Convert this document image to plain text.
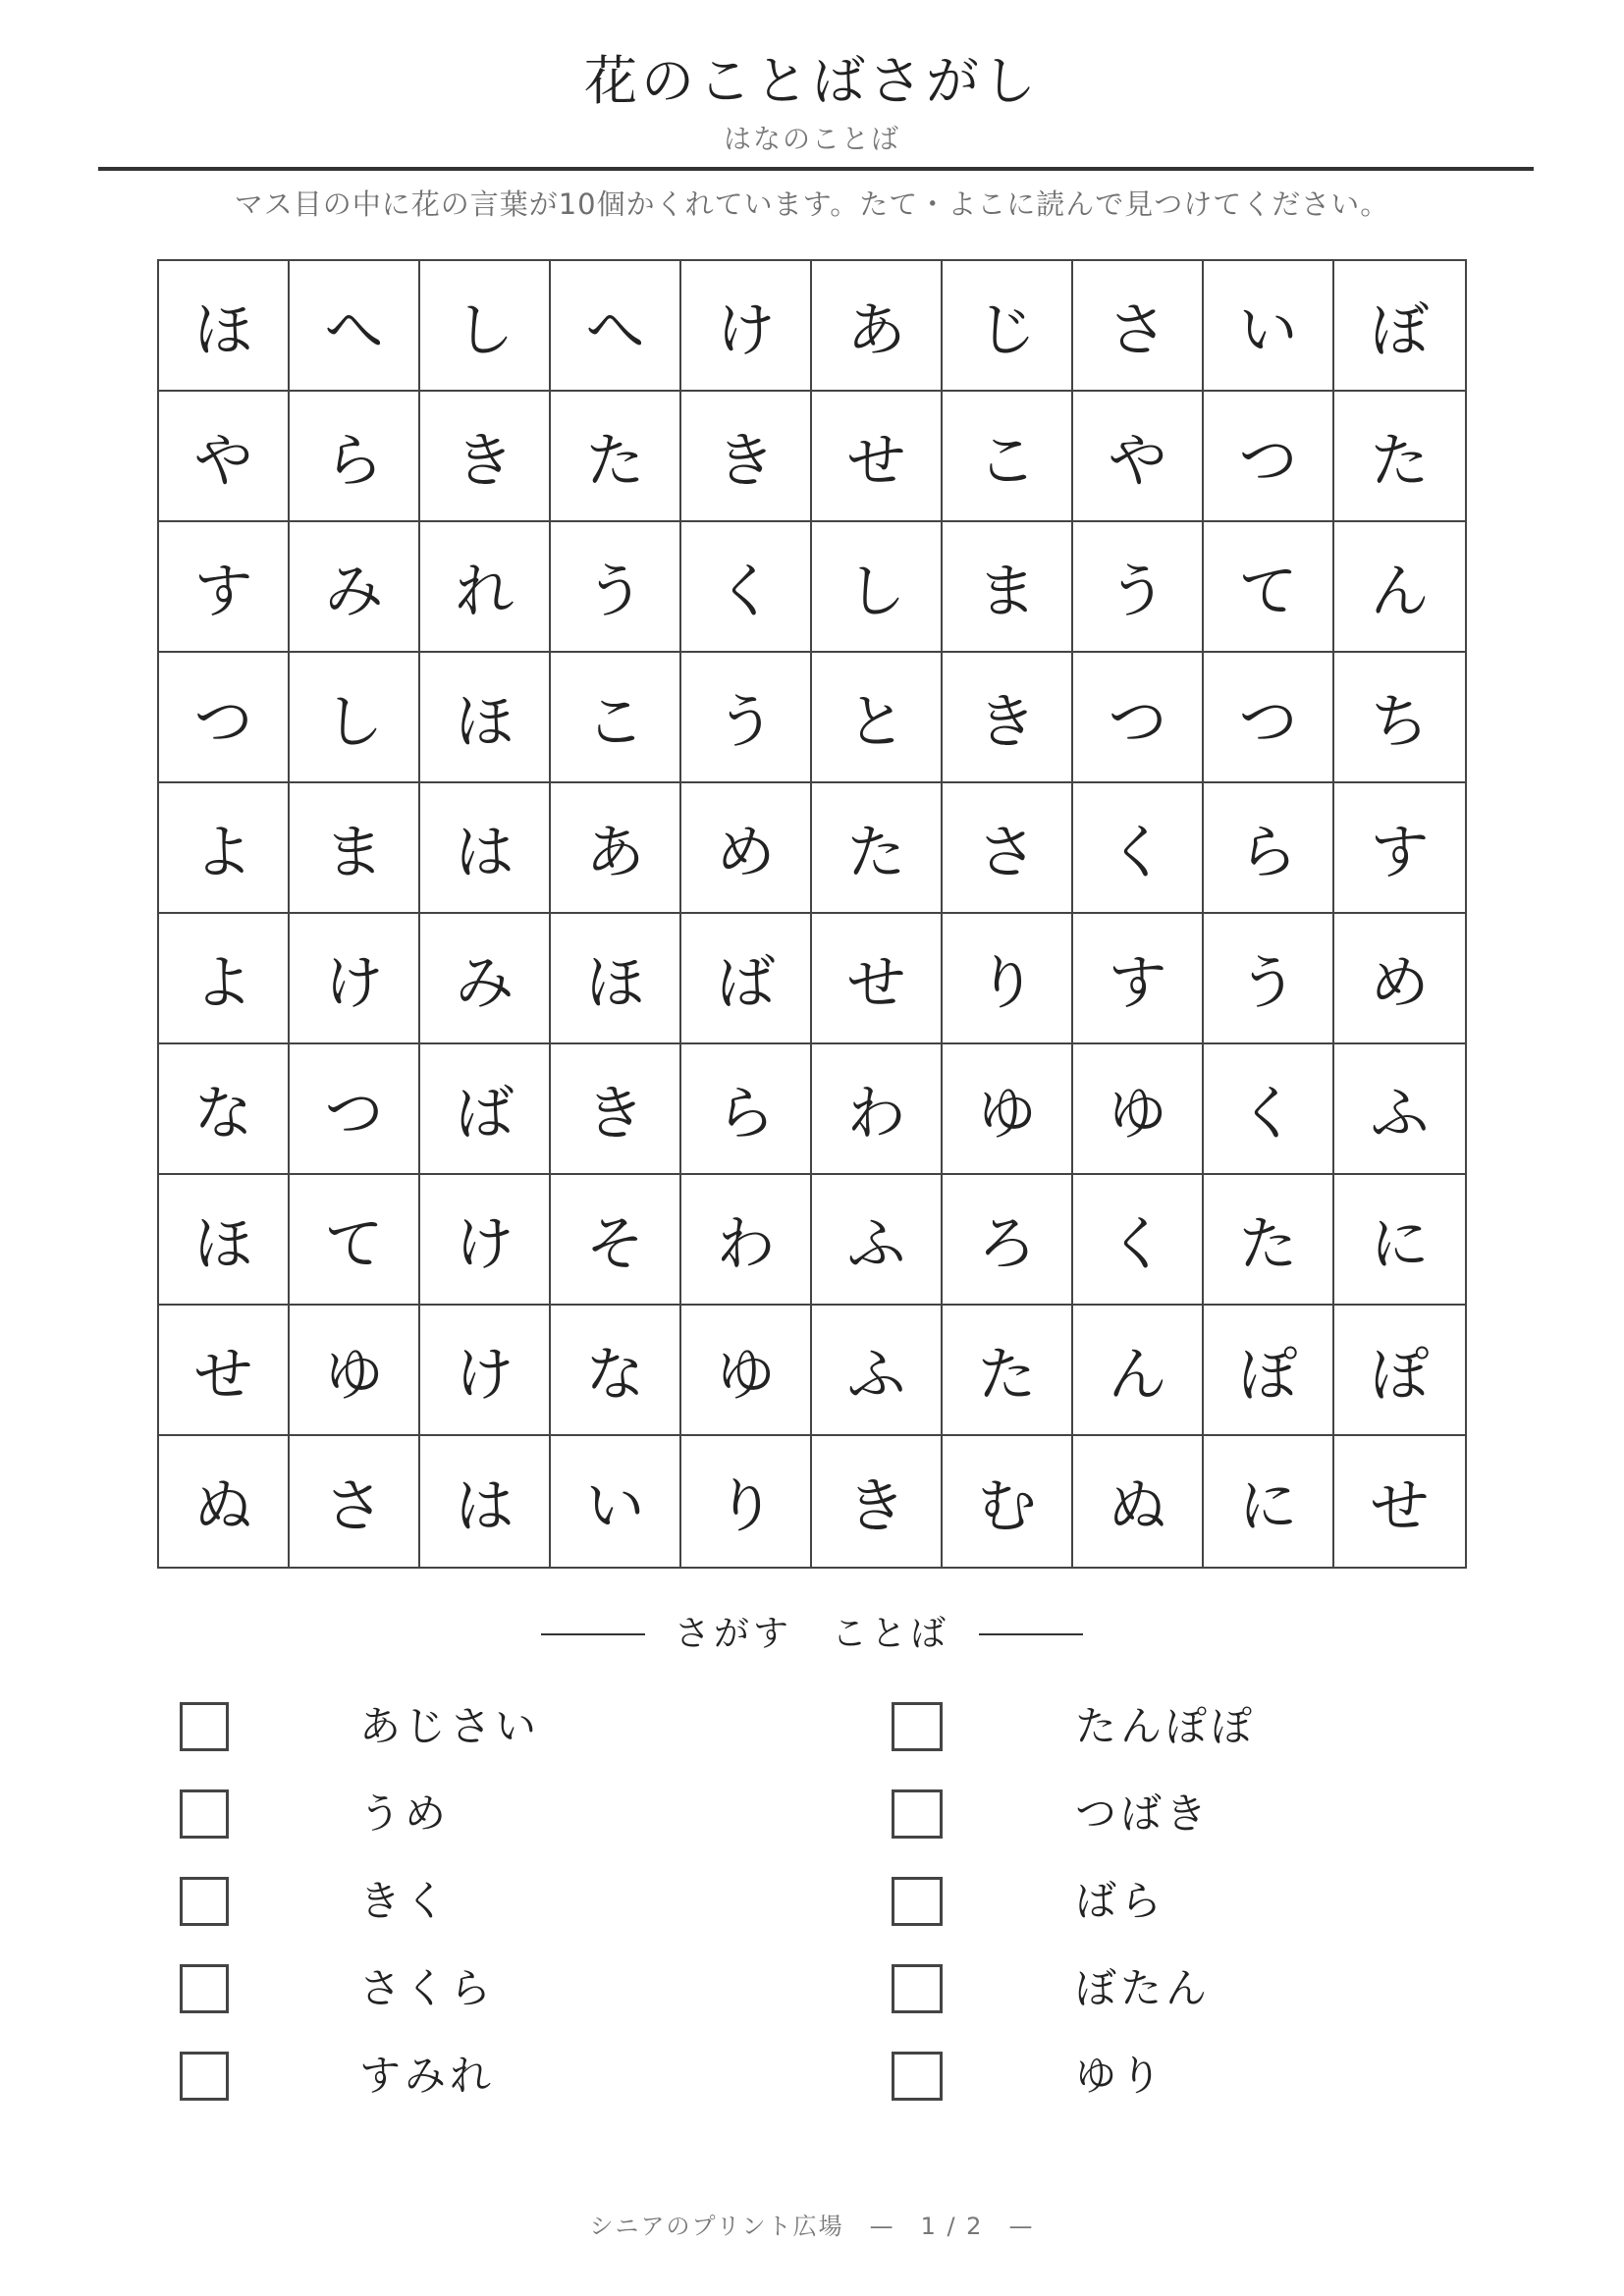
花のことばさがし
はなのことば
マス目の中に花の言葉が10個かくれています。たて・よこに読んで見つけてください。
ほ	へ	し	へ	け	あ	じ	さ	い	ぼ
や	ら	き	た	き	せ	こ	や	つ	た
す	み	れ	う	く	し	ま	う	て	ん
つ	し	ほ	こ	う	と	き	つ	つ	ち
よ	ま	は	あ	め	た	さ	く	ら	す
よ	け	み	ほ	ば	せ	り	す	う	め
な	つ	ば	き	ら	わ	ゆ	ゆ	く	ふ
ほ	て	け	そ	わ	ふ	ろ	く	た	に
せ	ゆ	け	な	ゆ	ふ	た	ん	ぽ	ぽ
ぬ	さ	は	い	り	き	む	ぬ	に	せ
さがす　ことば
あじさい
うめ
きく
さくら
すみれ
たんぽぽ
つばき
ばら
ぼたん
ゆり
シニアのプリント広場　—　1 / 2　—
